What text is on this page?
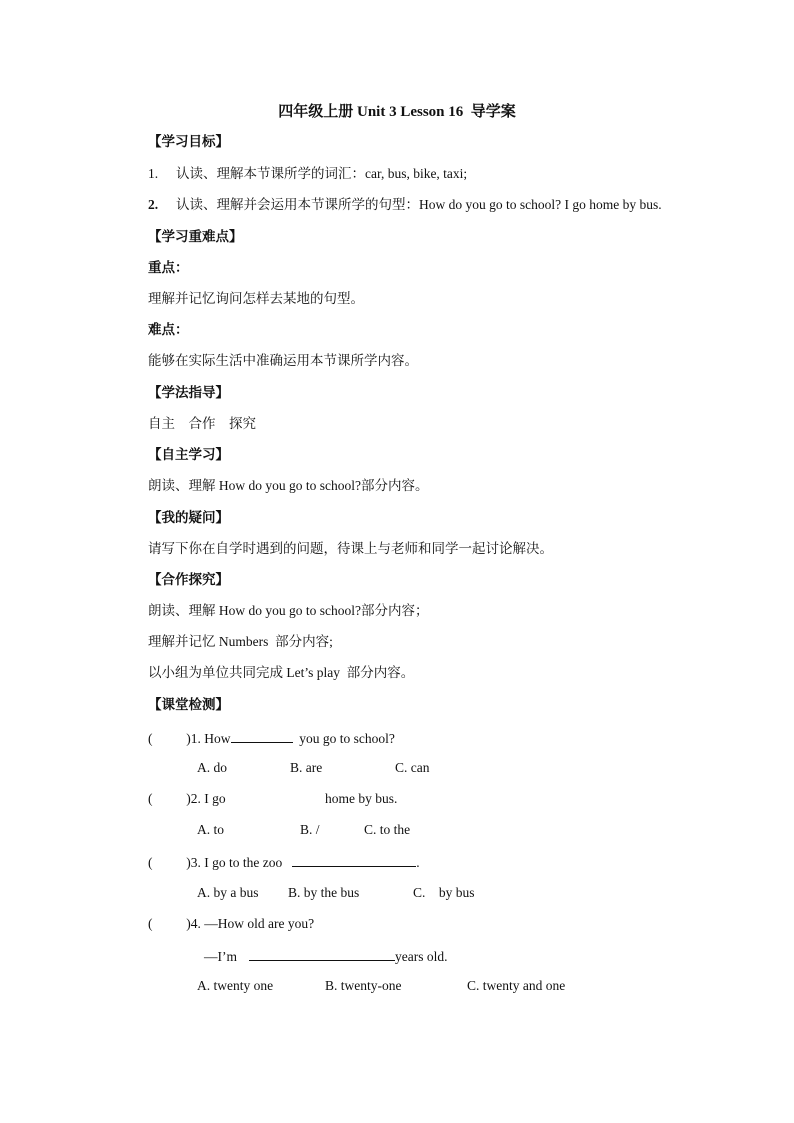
四年级上册 Unit 3 Lesson 16  导学案
【学习目标】
1. 认读、理解本节课所学的词汇：car, bus, bike, taxi;
2. 认读、理解并会运用本节课所学的句型：How do you go to school? I go home by bus.
【学习重难点】
重点：
理解并记忆询问怎样去某地的句型。
难点：
能够在实际生活中准确运用本节课所学内容。
【学法指导】
自主    合作    探究
【自主学习】
朗读、理解 How do you go to school?部分内容。
【我的疑问】
请写下你在自学时遇到的问题，待课上与老师和同学一起讨论解决。
【合作探究】
朗读、理解 How do you go to school?部分内容；
理解并记忆 Numbers  部分内容;
以小组为单位共同完成 Let’s play  部分内容。
【课堂检测】
(          )1. How	you go to school?
A. do	B. are	C. can
(          )2. I go	home by bus.
A. to	B. /	C. to the
(          )3. I go to the zoo	.
A. by a bus B. by the bus	C.    by bus
(          )4. —How old are you?
—I’m	years old.
A. twenty one	B. twenty-one	C. twenty and one
